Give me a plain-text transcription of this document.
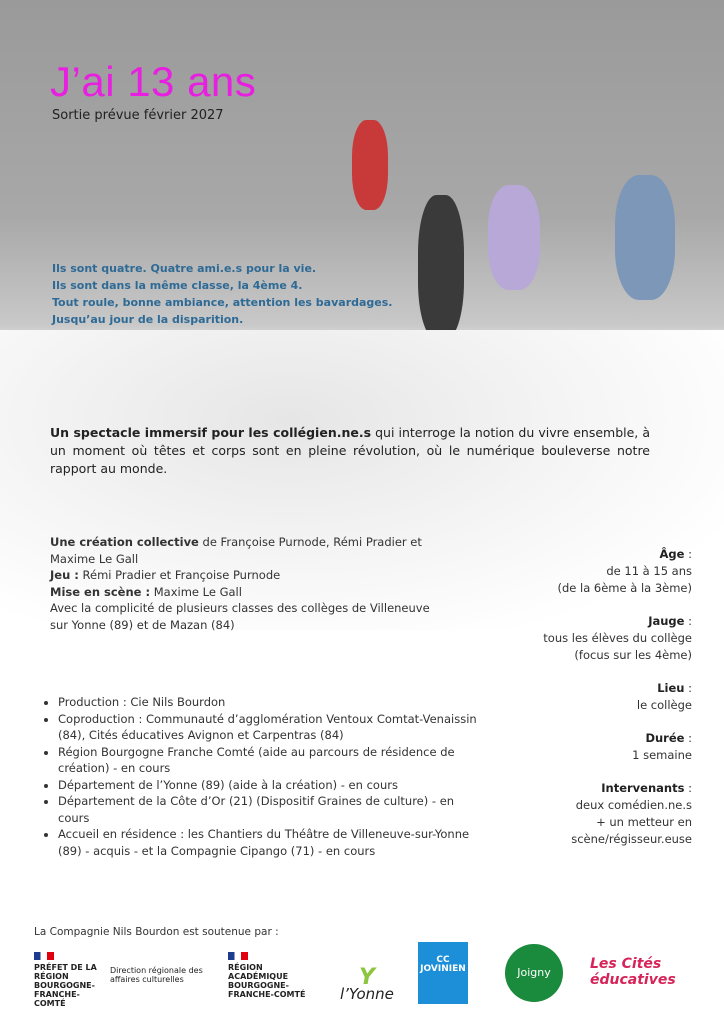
J’ai 13 ans
Sortie prévue février 2027
Ils sont quatre. Quatre ami.e.s pour la vie.
Ils sont dans la même classe, la 4ème 4.
Tout roule, bonne ambiance, attention les bavardages.
Jusqu’au jour de la disparition.

Un spectacle immersif pour les collégien.ne.s qui interroge la notion du vivre ensemble, à un moment où têtes et corps sont en pleine révolution, où le numérique bouleverse notre rapport au monde.

Une création collective de Françoise Purnode, Rémi Pradier et Maxime Le Gall
Jeu : Rémi Pradier et Françoise Purnode
Mise en scène : Maxime Le Gall
Avec la complicité de plusieurs classes des collèges de Villeneuve sur Yonne (89) et de Mazan (84)
• Production : Cie Nils Bourdon
• Coproduction : Communauté d’agglomération Ventoux Comtat-Venaissin (84), Cités éducatives Avignon et Carpentras (84)
• Région Bourgogne Franche Comté (aide au parcours de résidence de création) - en cours
• Département de l’Yonne (89) (aide à la création) - en cours
• Département de la Côte d’Or (21) (Dispositif Graines de culture) - en cours
• Accueil en résidence : les Chantiers du Théâtre de Villeneuve-sur-Yonne (89) - acquis - et la Compagnie Cipango (71) - en cours
Âge :
de 11 à 15 ans
(de la 6ème à la 3ème)
Jauge :
tous les élèves du collège
(focus sur les 4ème)
Lieu :
le collège
Durée :
1 semaine
Intervenants :
deux comédien.ne.s
+ un metteur en
scène/régisseur.euse
La Compagnie Nils Bourdon est soutenue par :
PRÉFET DE LA RÉGION BOURGOGNE-FRANCHE-COMTÉ
Direction régionale des affaires culturelles
RÉGION ACADÉMIQUE BOURGOGNE-FRANCHE-COMTÉ
Y
l’Yonne
CC JOVINIEN	Joigny
Les Cités éducatives
